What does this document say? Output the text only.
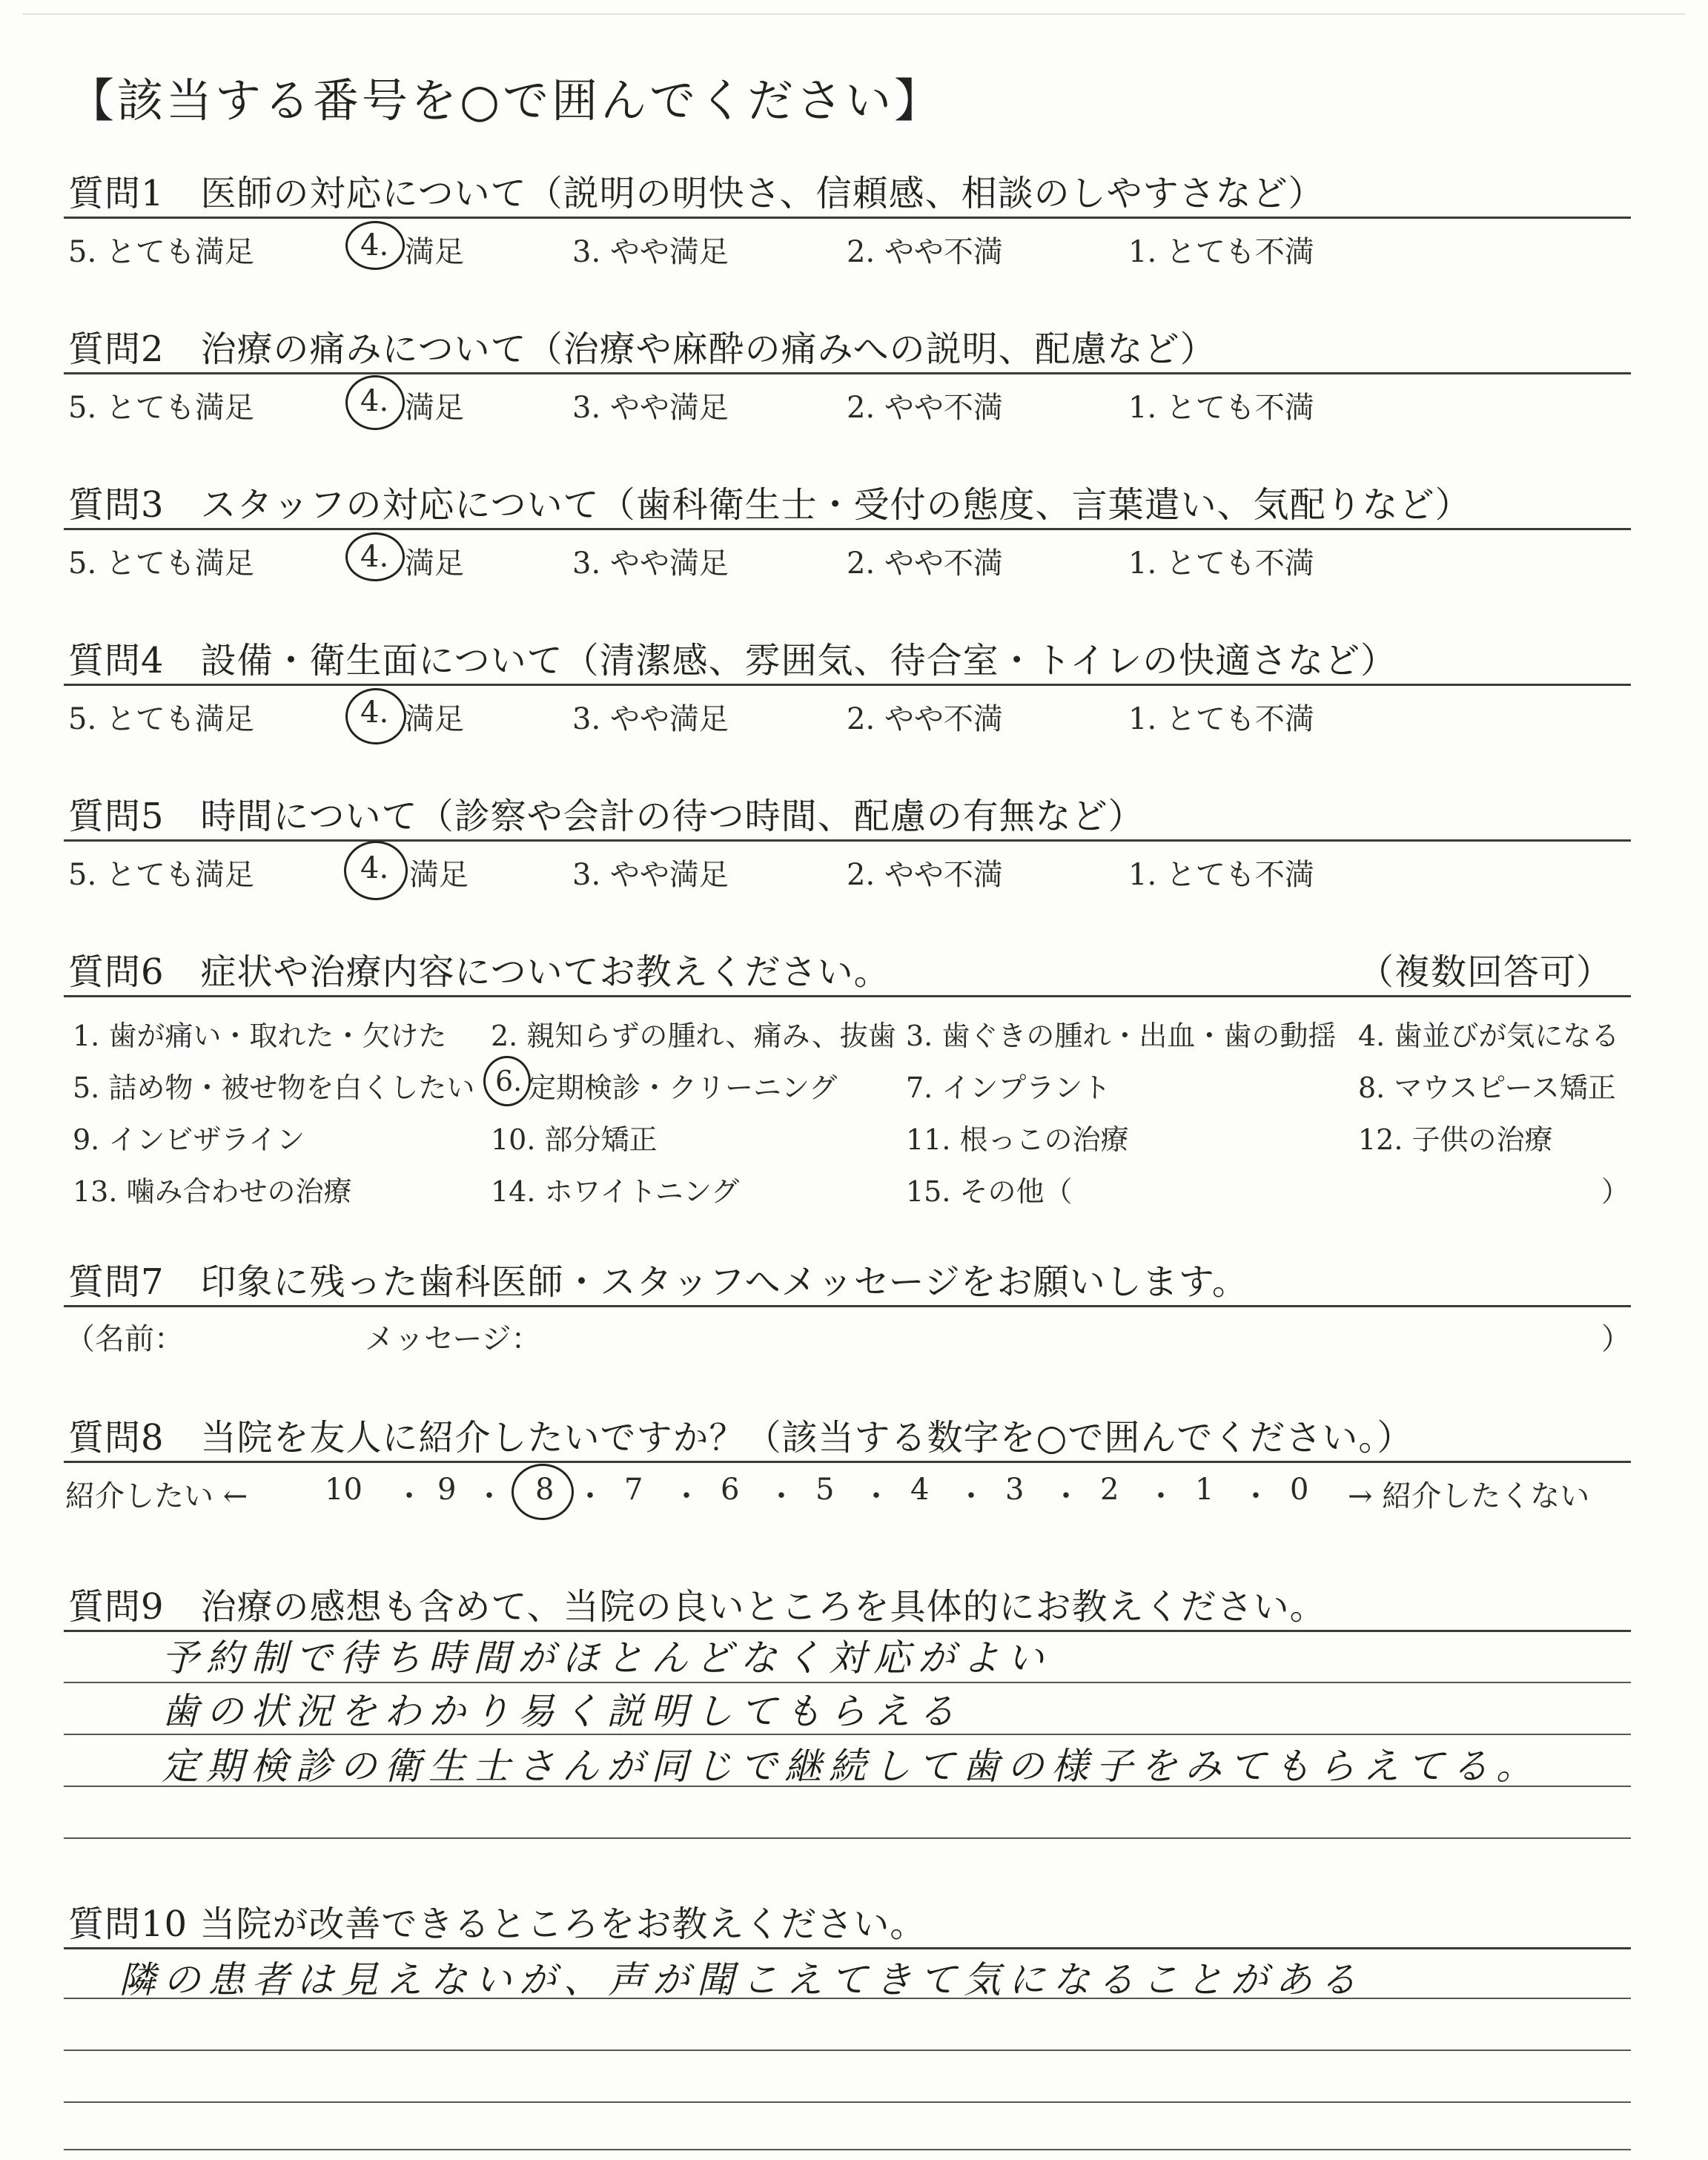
【該当する番号を○で囲んでください】
質問1　医師の対応について（説明の明快さ、信頼感、相談のしやすさなど）
5. とても満足	4. 満足	3. やや満足	2. やや不満	1. とても不満
質問2　治療の痛みについて（治療や麻酔の痛みへの説明、配慮など）
5. とても満足	4. 満足	3. やや満足	2. やや不満	1. とても不満
質問3　スタッフの対応について（歯科衛生士・受付の態度、言葉遣い、気配りなど）
5. とても満足	4. 満足	3. やや満足	2. やや不満	1. とても不満
質問4　設備・衛生面について（清潔感、雰囲気、待合室・トイレの快適さなど）
5. とても満足	4. 満足	3. やや満足	2. やや不満	1. とても不満
質問5　時間について（診察や会計の待つ時間、配慮の有無など）
5. とても満足	4. 満足	3. やや満足	2. やや不満	1. とても不満
質問6　症状や治療内容についてお教えください。	（複数回答可）
1. 歯が痛い・取れた・欠けた 2. 親知らずの腫れ、痛み、抜歯 3. 歯ぐきの腫れ・出血・歯の動揺 4. 歯並びが気になる
5. 詰め物・被せ物を白くしたい 6. 定期検診・クリーニング 7. インプラント	8. マウスピース矯正
9. インビザライン	10. 部分矯正	11. 根っこの治療	12. 子供の治療
13. 噛み合わせの治療	14. ホワイトニング	15. その他（	）
質問7　印象に残った歯科医師・スタッフへメッセージをお願いします。
（名前：	メッセージ：	）
質問8　当院を友人に紹介したいですか？（該当する数字を○で囲んでください。）
紹介したい ←	10 ・ 9 ・ 8 ・ 7 ・ 6 ・ 5 ・ 4 ・ 3 ・ 2 ・ 1 ・ 0 → 紹介したくない
質問9　治療の感想も含めて、当院の良いところを具体的にお教えください。
予約制で待ち時間がほとんどなく対応がよい
歯の状況をわかり易く説明してもらえる
定期検診の衛生士さんが同じで継続して歯の様子をみてもらえてる。
質問10 当院が改善できるところをお教えください。
隣の患者は見えないが、声が聞こえてきて気になることがある
